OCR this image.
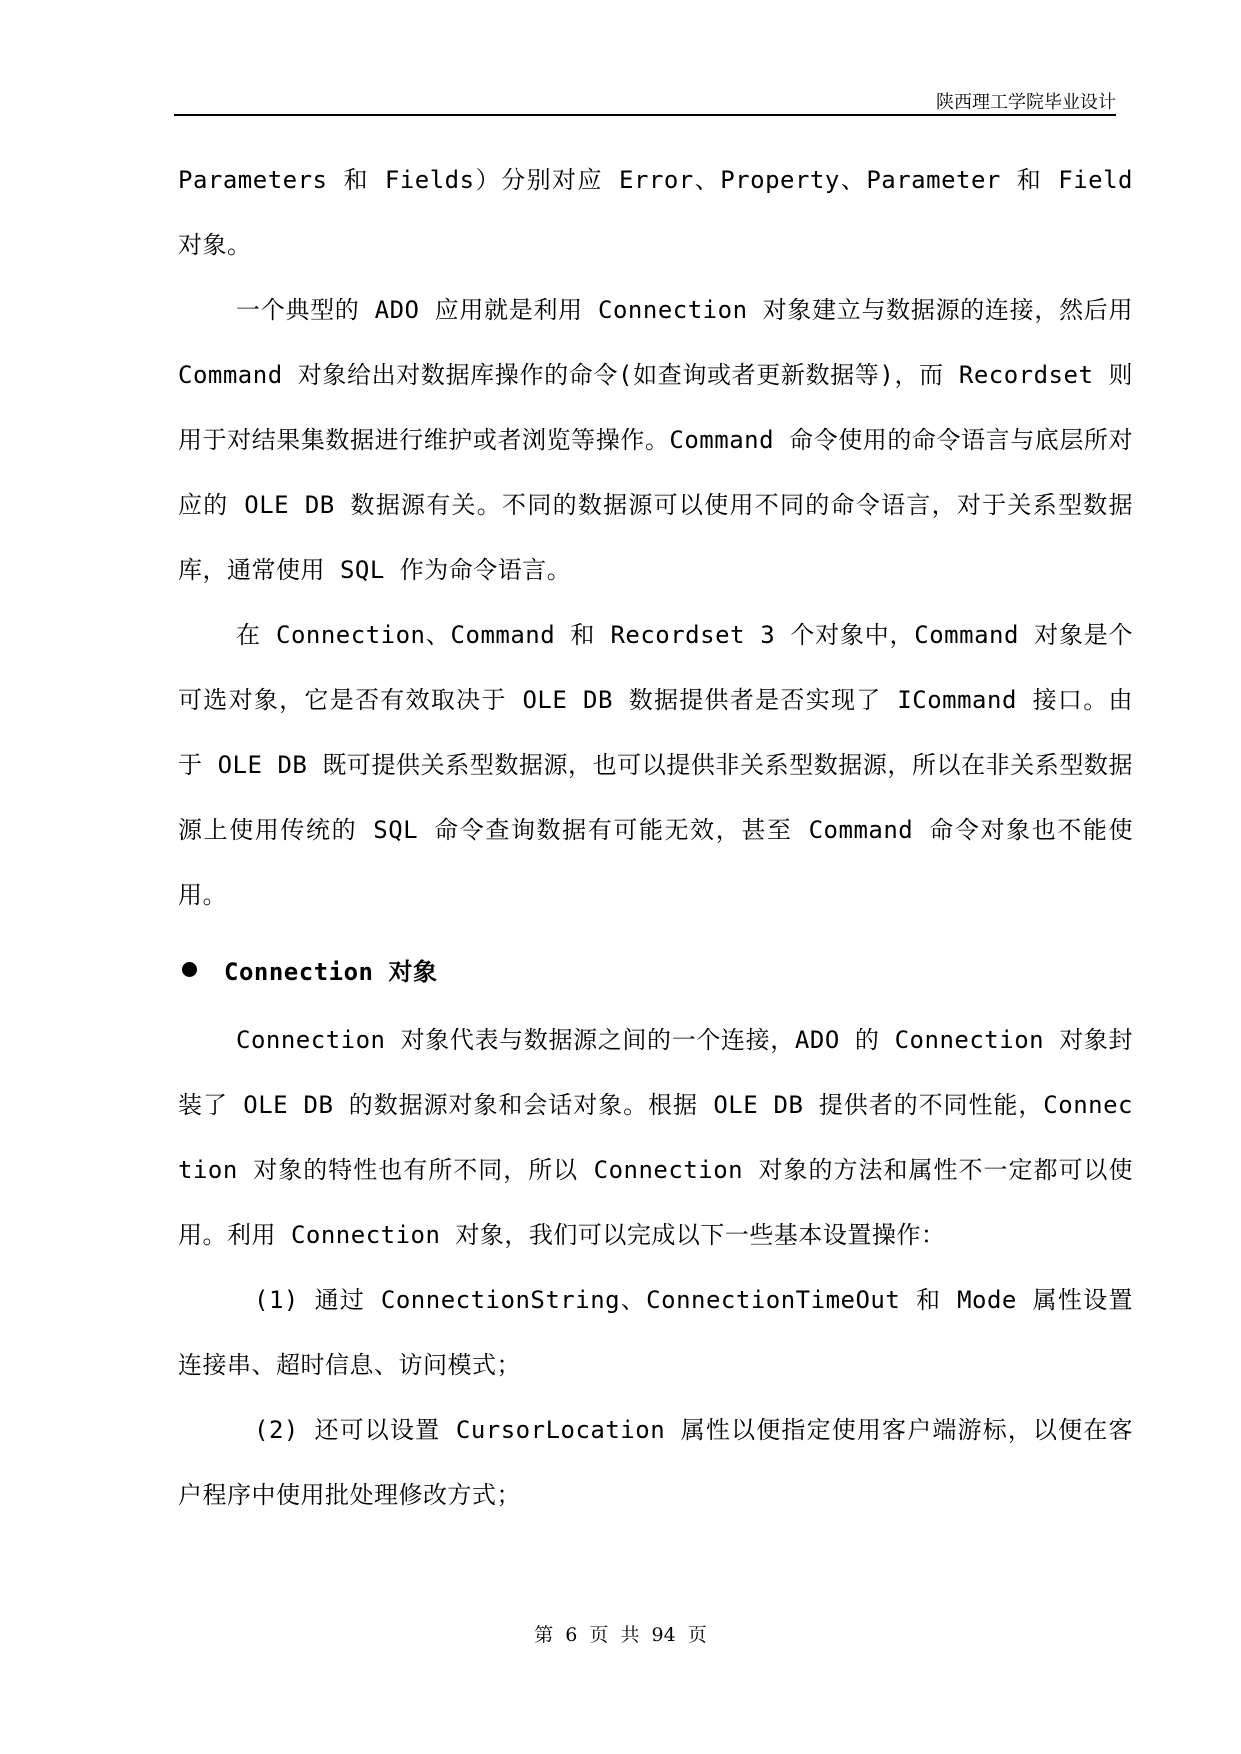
陕西理工学院毕业设计

Parameters 和 Fields）分别对应 Error、Property、Parameter 和 Field 对象。

一个典型的 ADO 应用就是利用 Connection 对象建立与数据源的连接，然后用 Command 对象给出对数据库操作的命令(如查询或者更新数据等)，而 Recordset 则用于对结果集数据进行维护或者浏览等操作。Command 命令使用的命令语言与底层所对应的 OLE DB 数据源有关。不同的数据源可以使用不同的命令语言，对于关系型数据库，通常使用 SQL 作为命令语言。

在 Connection、Command 和 Recordset 3 个对象中，Command 对象是个可选对象，它是否有效取决于 OLE DB 数据提供者是否实现了 ICommand 接口。由于 OLE DB 既可提供关系型数据源，也可以提供非关系型数据源，所以在非关系型数据源上使用传统的 SQL 命令查询数据有可能无效，甚至 Command 命令对象也不能使用。

Connection 对象

Connection 对象代表与数据源之间的一个连接，ADO 的 Connection 对象封装了 OLE DB 的数据源对象和会话对象。根据 OLE DB 提供者的不同性能，Connection 对象的特性也有所不同，所以 Connection 对象的方法和属性不一定都可以使用。利用 Connection 对象，我们可以完成以下一些基本设置操作：

(1) 通过 ConnectionString、ConnectionTimeOut 和 Mode 属性设置连接串、超时信息、访问模式；

(2) 还可以设置 CursorLocation 属性以便指定使用客户端游标，以便在客户程序中使用批处理修改方式；

第 6 页 共 94 页
